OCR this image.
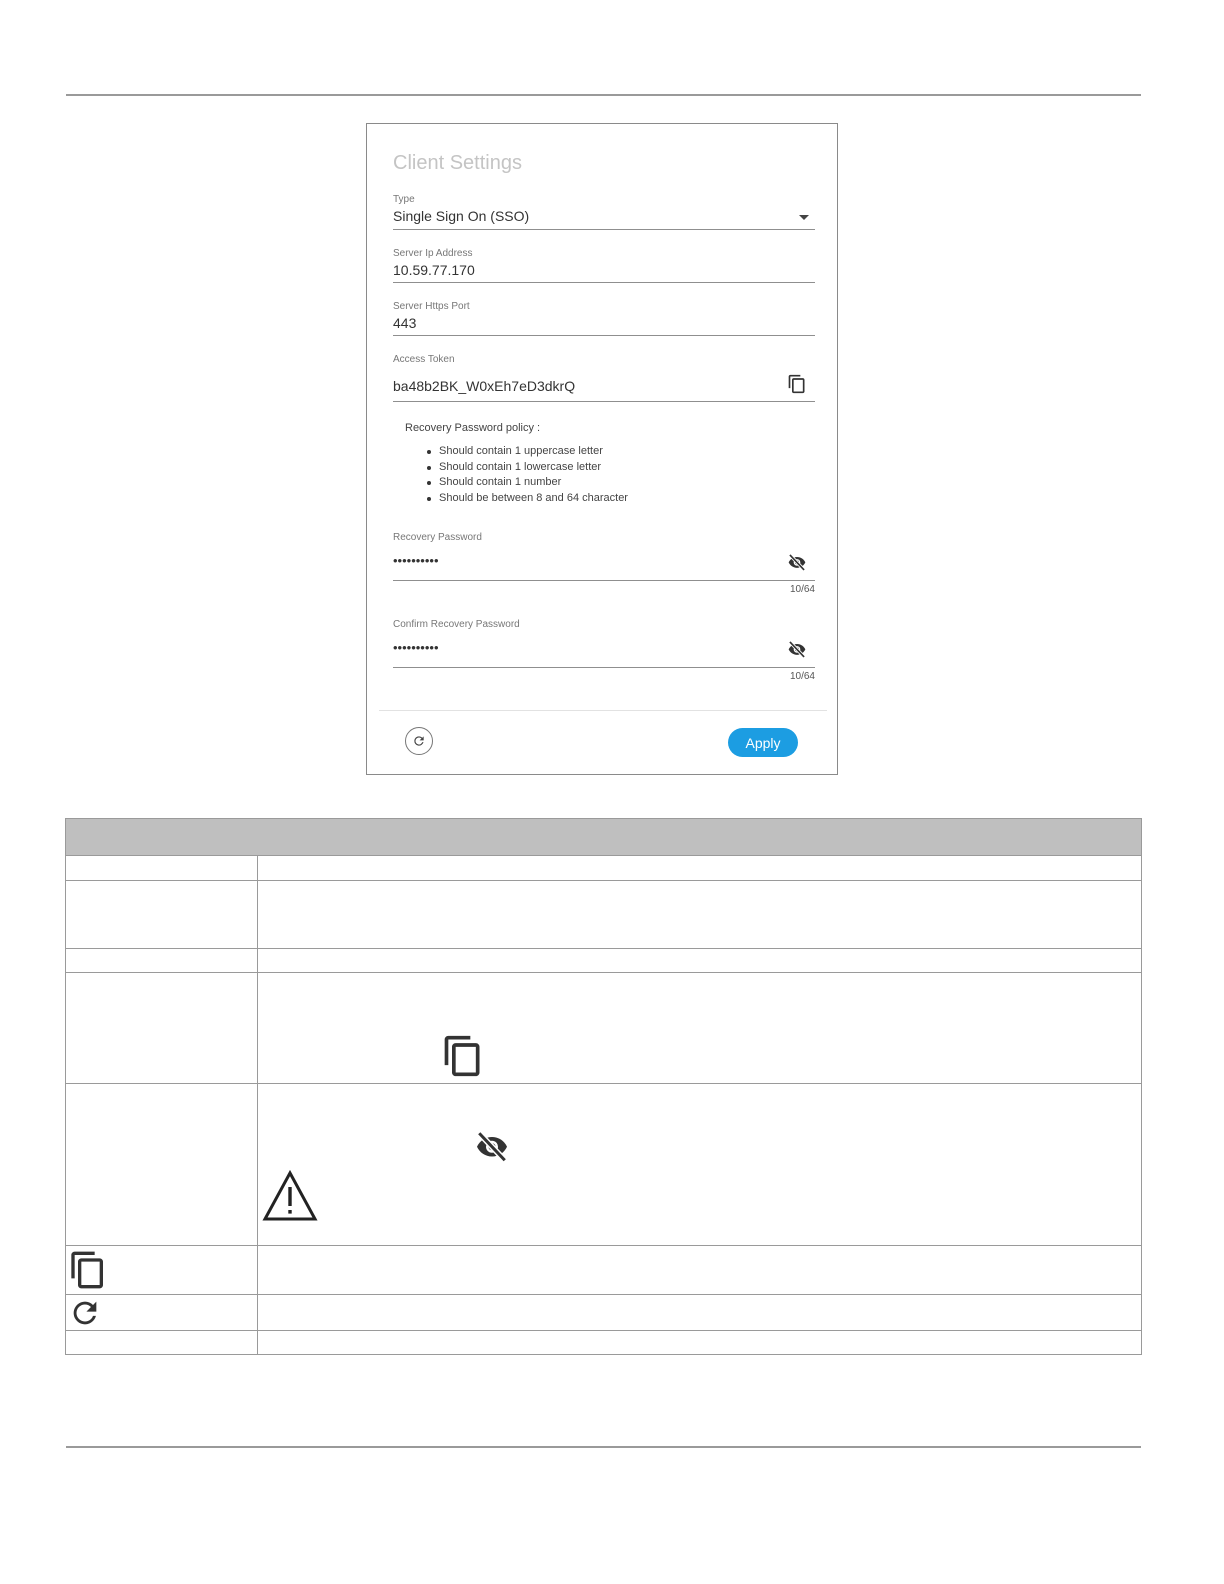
Client Settings
Type
Single Sign On (SSO)
Server Ip Address
10.59.77.170
Server Https Port
443
Access Token
ba48b2BK_W0xEh7eD3dkrQ
Recovery Password policy :
Should contain 1 uppercase letter
Should contain 1 lowercase letter
Should contain 1 number
Should be between 8 and 64 character
Recovery Password
••••••••••
10/64
Confirm Recovery Password
••••••••••
10/64
Apply
